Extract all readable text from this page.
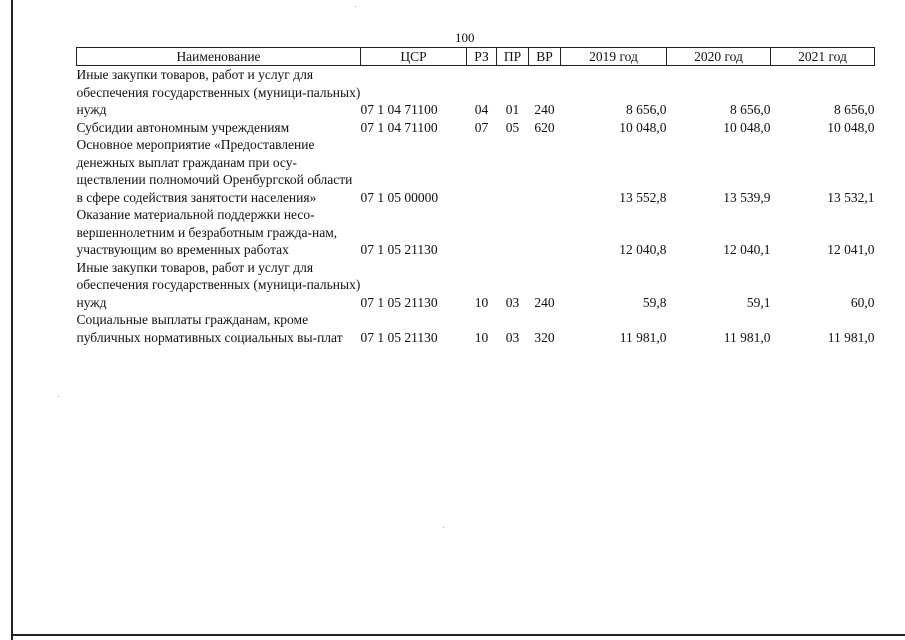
100
Наименование	ЦСР	РЗ	ПР	ВР	2019 год	2020 год	2021 год
Иные закупки товаров, работ и услуг для обеспечения государственных (муници-пальных) нужд	07 1 04 71100	04	01	240	8 656,0	8 656,0	8 656,0
Субсидии автономным учреждениям	07 1 04 71100	07	05	620	10 048,0	10 048,0	10 048,0
Основное мероприятие «Предоставление денежных выплат гражданам при осу-ществлении полномочий Оренбургской области в сфере содействия занятости населения»	07 1 05 00000				13 552,8	13 539,9	13 532,1
Оказание материальной поддержки несо-вершеннолетним и безработным гражда-нам, участвующим во временных работах	07 1 05 21130				12 040,8	12 040,1	12 041,0
Иные закупки товаров, работ и услуг для обеспечения государственных (муници-пальных) нужд	07 1 05 21130	10	03	240	59,8	59,1	60,0
Социальные выплаты гражданам, кроме публичных нормативных социальных вы-плат	07 1 05 21130	10	03	320	11 981,0	11 981,0	11 981,0
